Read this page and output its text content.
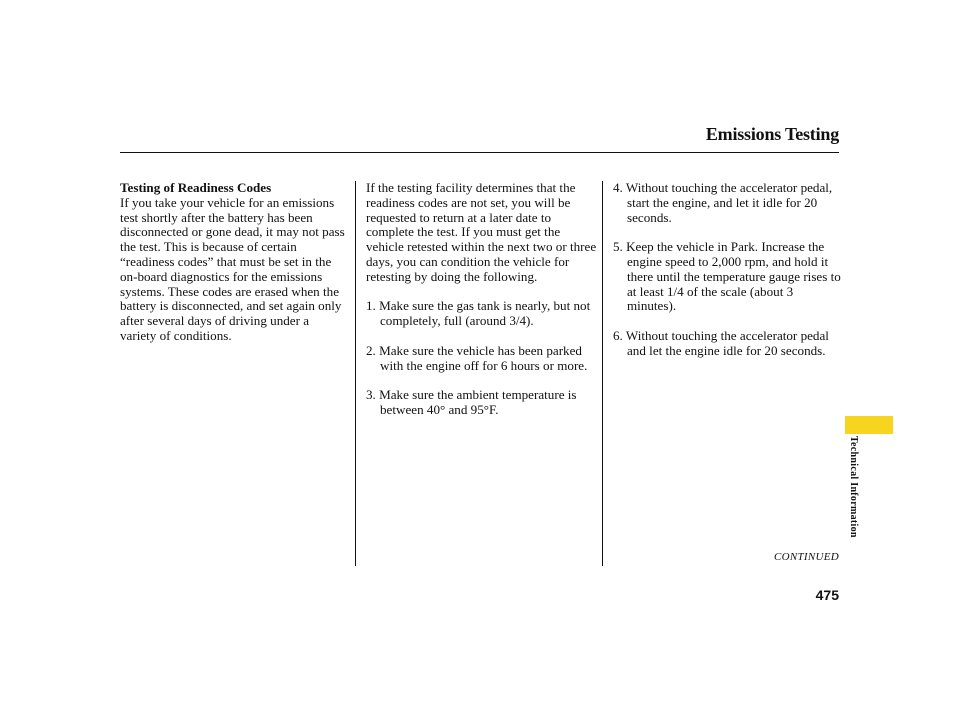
Emissions Testing
Testing of Readiness Codes

If you take your vehicle for an emissions test shortly after the battery has been disconnected or gone dead, it may not pass the test. This is because of certain “readiness codes” that must be set in the on-board diagnostics for the emissions systems. These codes are erased when the battery is disconnected, and set again only after several days of driving under a variety of conditions.

If the testing facility determines that the readiness codes are not set, you will be requested to return at a later date to complete the test. If you must get the vehicle retested within the next two or three days, you can condition the vehicle for retesting by doing the following.

1. Make sure the gas tank is nearly, but not completely, full (around 3/4).

2. Make sure the vehicle has been parked with the engine off for 6 hours or more.

3. Make sure the ambient temperature is between 40° and 95°F.

4. Without touching the accelerator pedal, start the engine, and let it idle for 20 seconds.

5. Keep the vehicle in Park. Increase the engine speed to 2,000 rpm, and hold it there until the temperature gauge rises to at least 1/4 of the scale (about 3 minutes).

6. Without touching the accelerator pedal and let the engine idle for 20 seconds.

Technical Information
CONTINUED
475
